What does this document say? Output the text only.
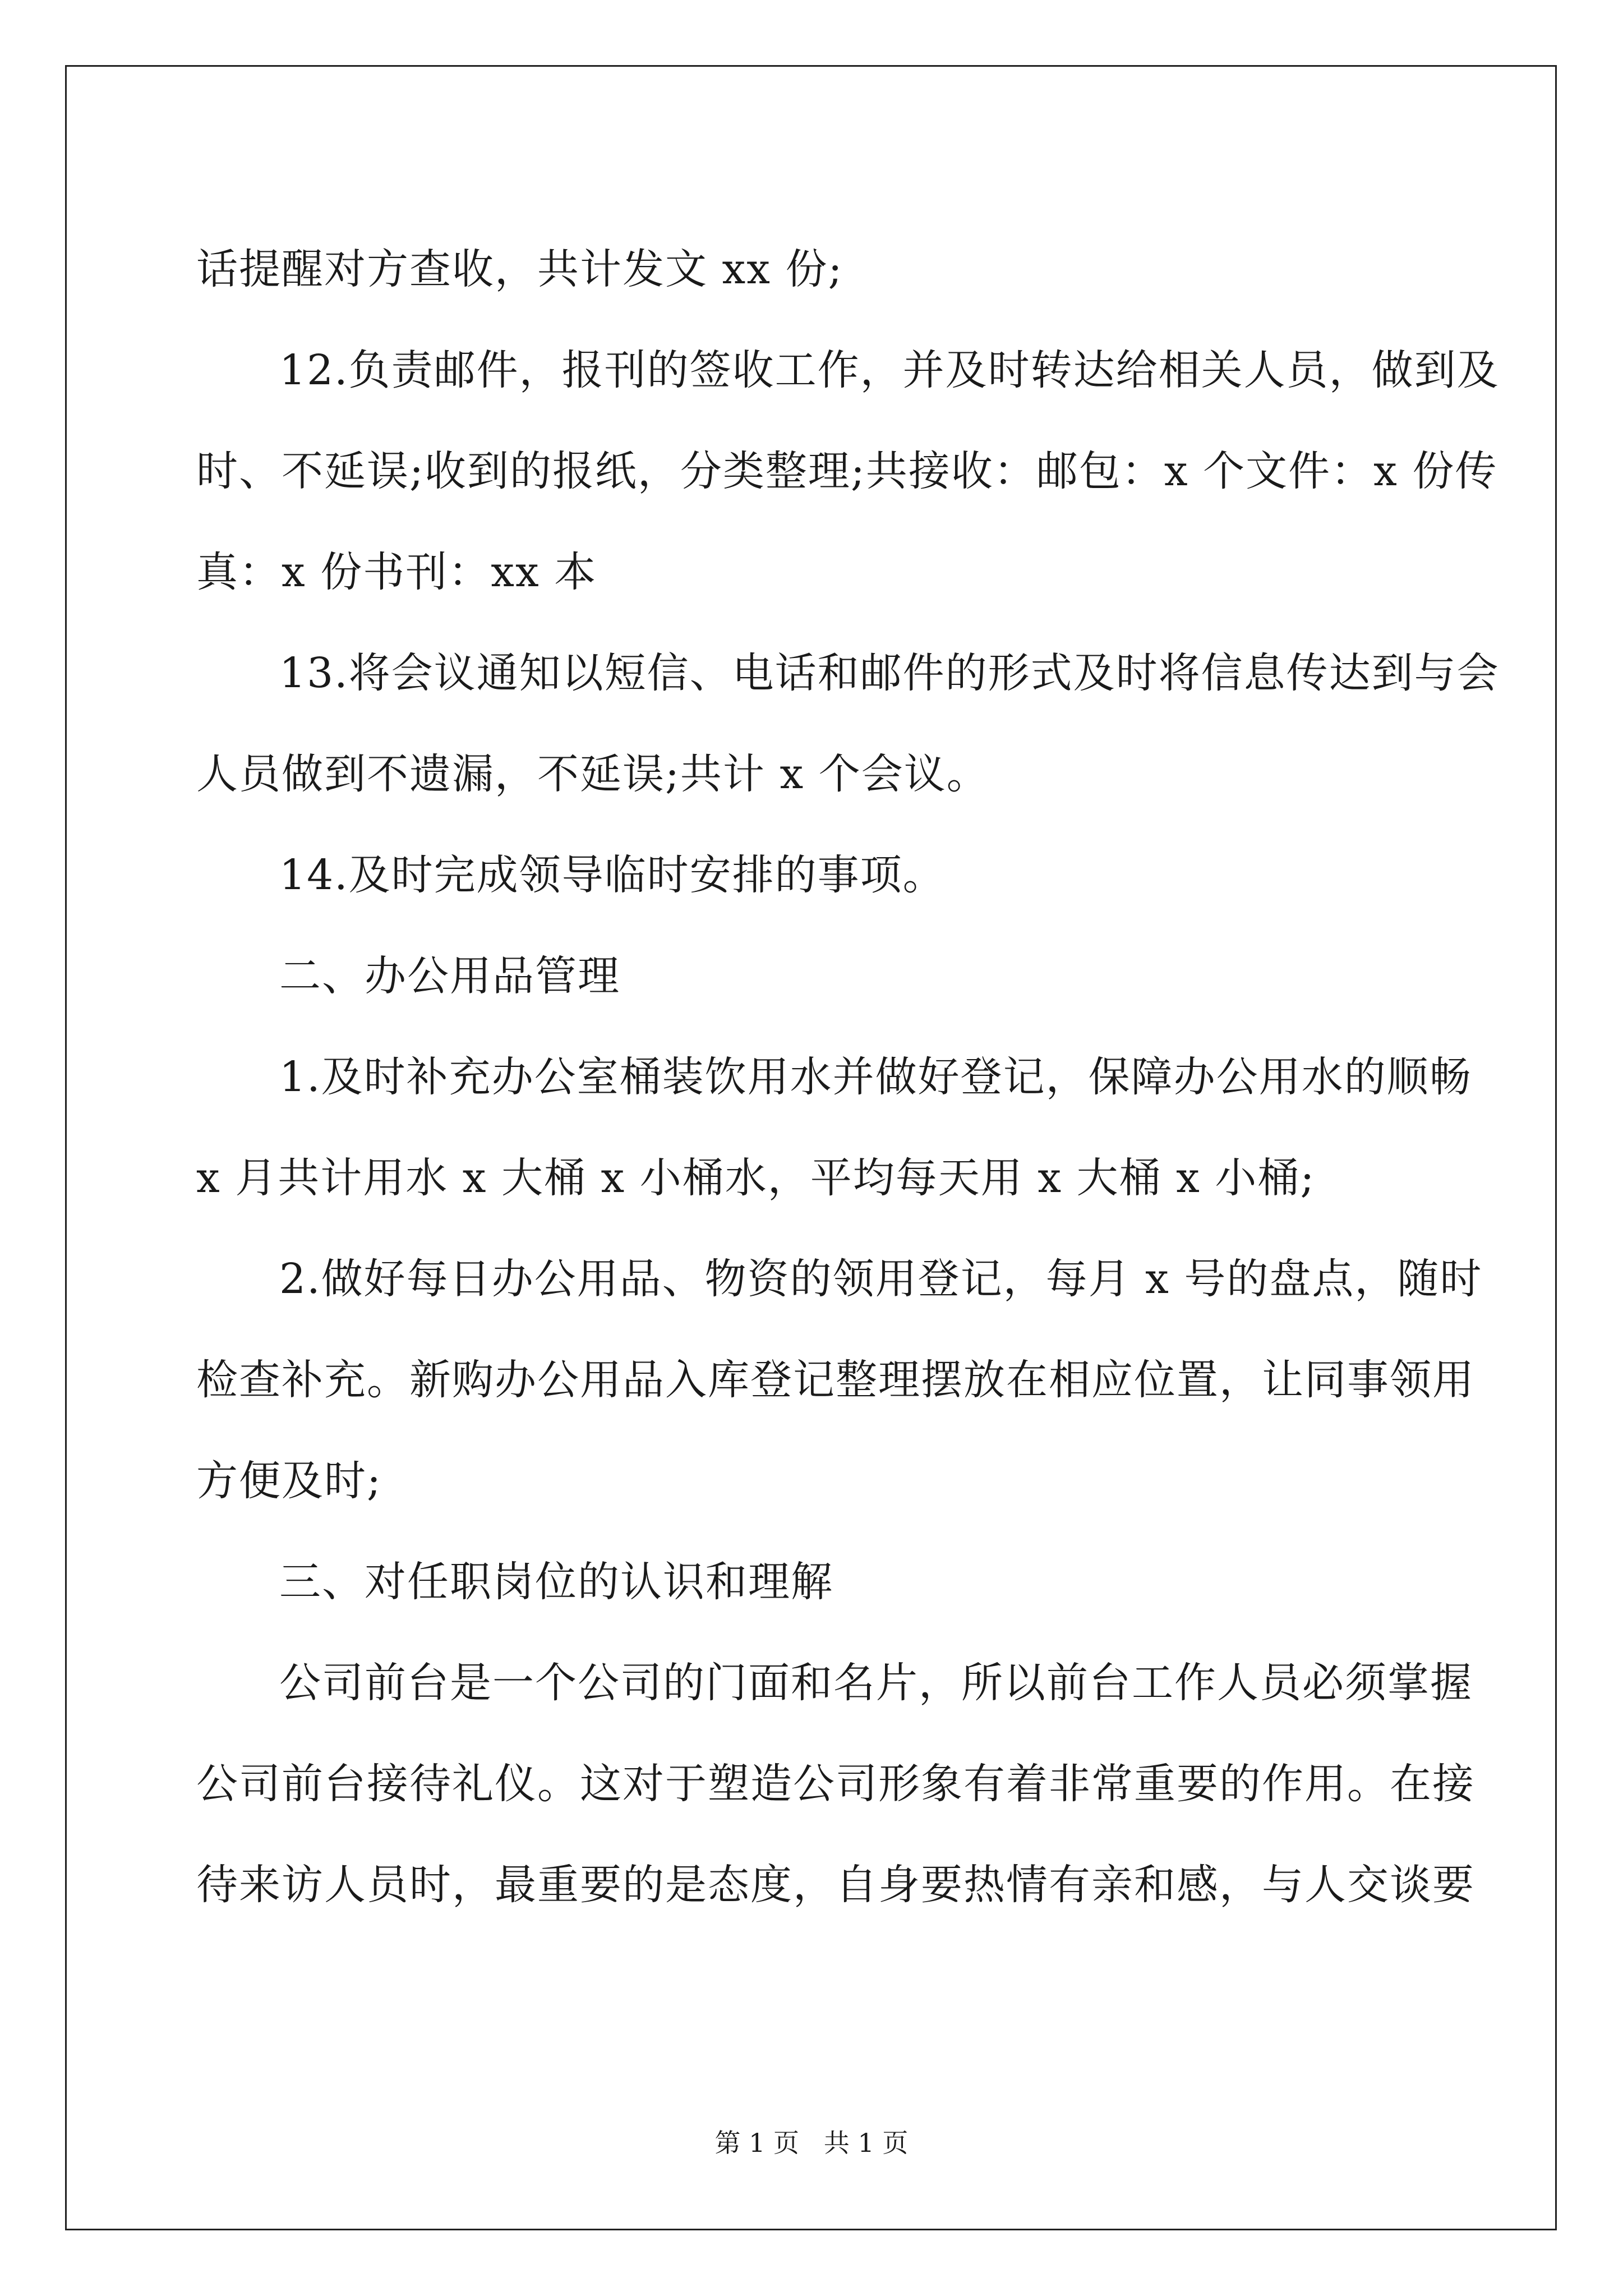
话提醒对方查收，共计发文 xx 份;
12.负责邮件，报刊的签收工作，并及时转达给相关人员，做到及
时、不延误;收到的报纸，分类整理;共接收：邮包：x 个文件：x 份传
真：x 份书刊：xx 本
13.将会议通知以短信、电话和邮件的形式及时将信息传达到与会
人员做到不遗漏，不延误;共计 x 个会议。
14.及时完成领导临时安排的事项。
二、办公用品管理
1.及时补充办公室桶装饮用水并做好登记，保障办公用水的顺畅
x 月共计用水 x 大桶 x 小桶水，平均每天用 x 大桶 x 小桶;
2.做好每日办公用品、物资的领用登记，每月 x 号的盘点，随时
检查补充。新购办公用品入库登记整理摆放在相应位置，让同事领用
方便及时;
三、对任职岗位的认识和理解
公司前台是一个公司的门面和名片，所以前台工作人员必须掌握
公司前台接待礼仪。这对于塑造公司形象有着非常重要的作用。在接
待来访人员时，最重要的是态度，自身要热情有亲和感，与人交谈要
第 1 页   共 1 页
